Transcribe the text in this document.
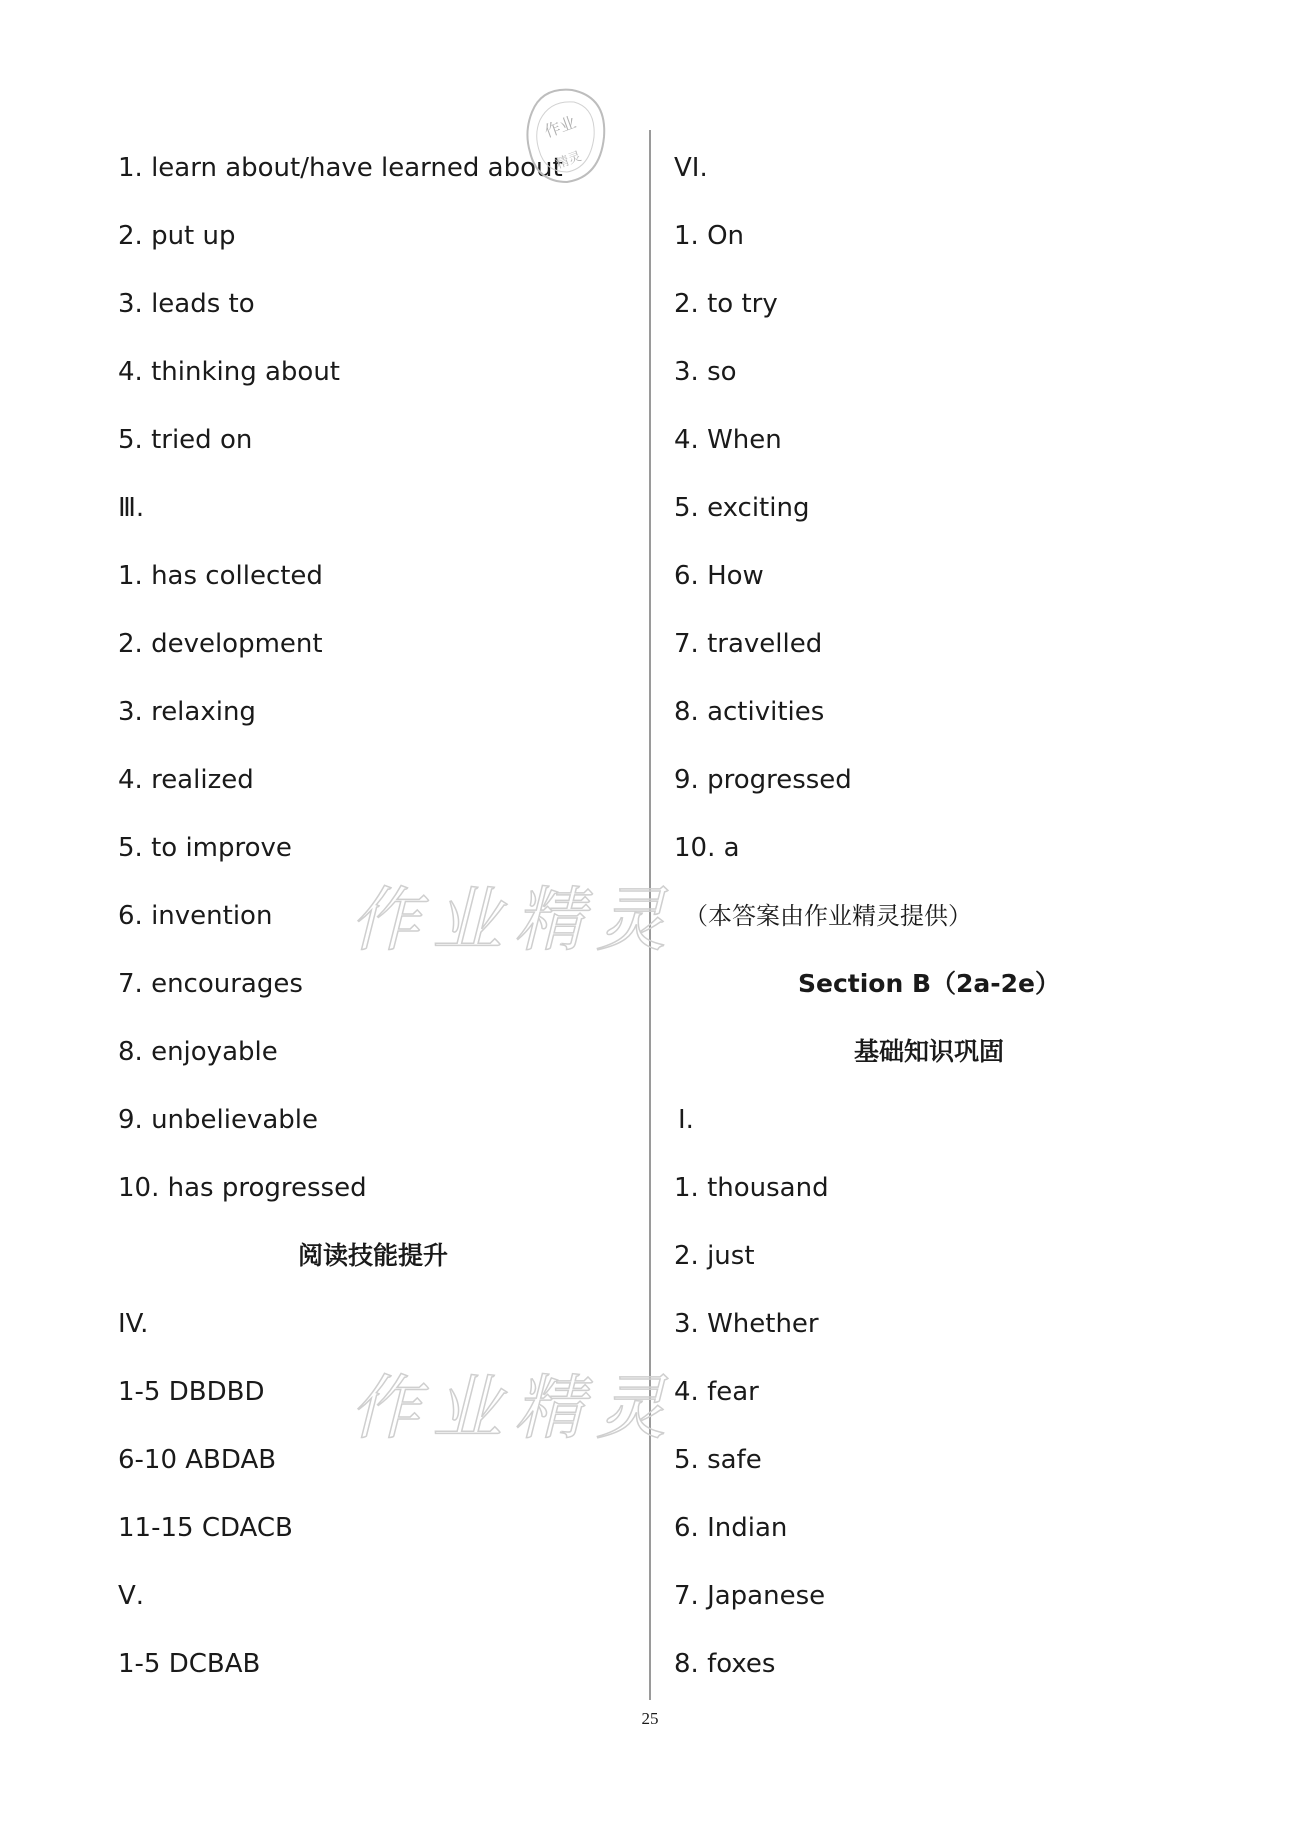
1. learn about/have learned about
2. put up
3. leads to
4. thinking about
5. tried on
Ⅲ.
1. has collected
2. development
3. relaxing
4. realized
5. to improve
6. invention
7. encourages
8. enjoyable
9. unbelievable
10. has progressed
阅读技能提升
IV.
1-5 DBDBD
6-10 ABDAB
11-15 CDACB
Ⅴ.
1-5 DCBAB
VI.
1. On
2. to try
3. so
4. When
5. exciting
6. How
7. travelled
8. activities
9. progressed
10. a
（本答案由作业精灵提供）
Section B（2a-2e）
基础知识巩固
Ⅰ.
1. thousand
2. just
3. Whether
4. fear
5. safe
6. Indian
7. Japanese
8. foxes
作业精灵
作业精灵
作业
精灵
25
